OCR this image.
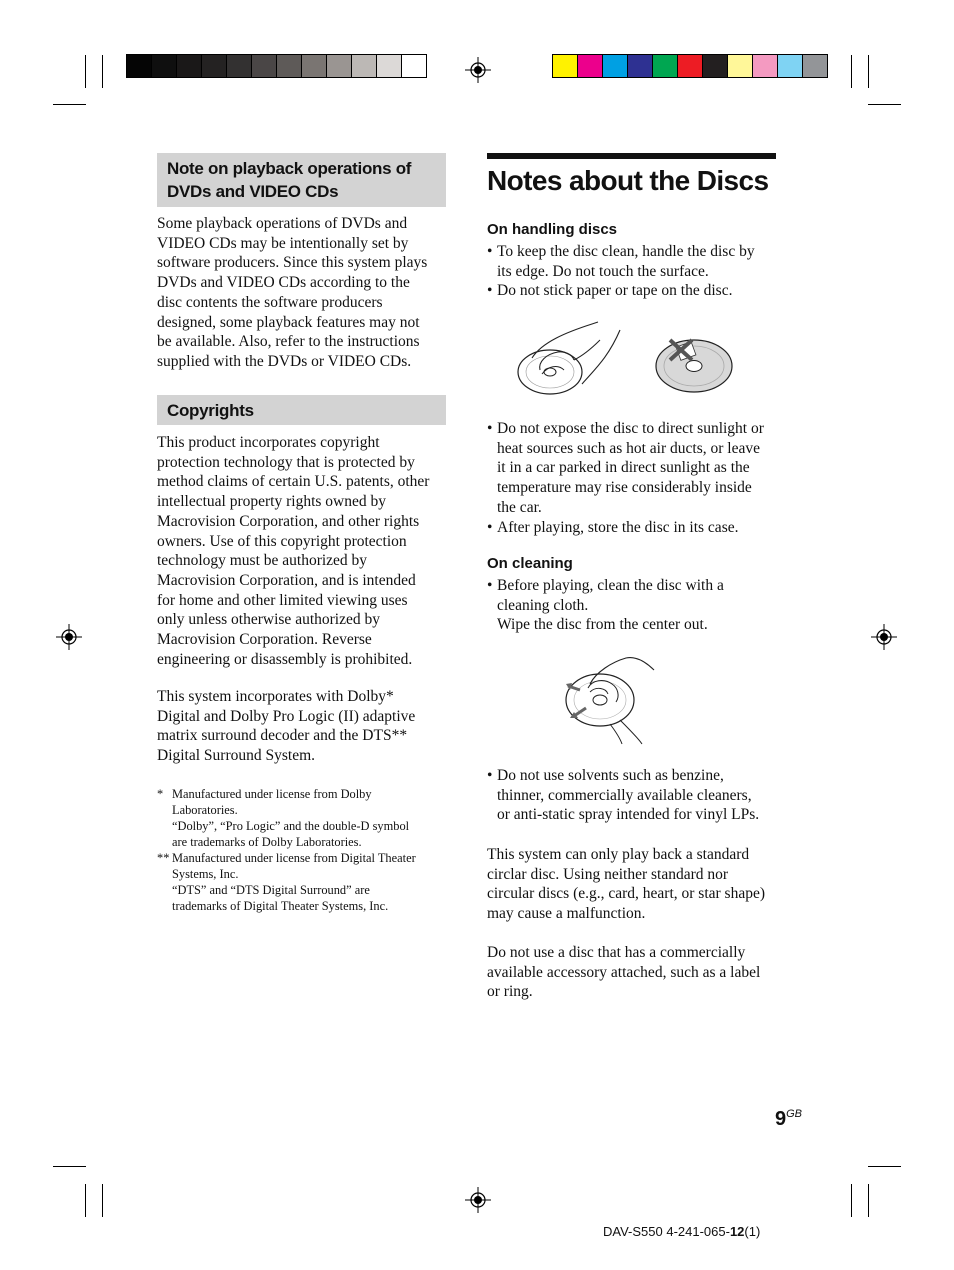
Note on playback operations of
DVDs and VIDEO CDs

Some playback operations of DVDs and

VIDEO CDs may be intentionally set by

software producers. Since this system plays

DVDs and VIDEO CDs according to the

disc contents the software producers

designed, some playback features may not

be available. Also, refer to the instructions

supplied with the DVDs or VIDEO CDs.

Copyrights

This product incorporates copyright

protection technology that is protected by

method claims of certain U.S. patents, other

intellectual property rights owned by

Macrovision Corporation, and other rights

owners. Use of this copyright protection

technology must be authorized by

Macrovision Corporation, and is intended

for home and other limited viewing uses

only unless otherwise authorized by

Macrovision Corporation. Reverse

engineering or disassembly is prohibited.

This system incorporates with Dolby*

Digital and Dolby Pro Logic (II) adaptive

matrix surround decoder and the DTS**

Digital Surround System.

* Manufactured under license from Dolby
Laboratories.
“Dolby”, “Pro Logic” and the double-D symbol
are trademarks of Dolby Laboratories.
** Manufactured under license from Digital Theater
Systems, Inc.
“DTS” and “DTS Digital Surround” are
trademarks of Digital Theater Systems, Inc.
Notes about the Discs
On handling discs
• To keep the disc clean, handle the disc by
its edge. Do not touch the surface.
• Do not stick paper or tape on the disc.
• Do not expose the disc to direct sunlight or
heat sources such as hot air ducts, or leave
it in a car parked in direct sunlight as the
temperature may rise considerably inside
the car.
• After playing, store the disc in its case.
On cleaning
• Before playing, clean the disc with a
cleaning cloth.
Wipe the disc from the center out.
• Do not use solvents such as benzine,
thinner, commercially available cleaners,
or anti-static spray intended for vinyl LPs.

This system can only play back a standard

circlar disc. Using neither standard nor

circular discs (e.g., card, heart, or star shape)

may cause a malfunction.

Do not use a disc that has a commercially

available accessory attached, such as a label

or ring.

$9^{GB}$
DAV-S550 4-241-065-12(1)
